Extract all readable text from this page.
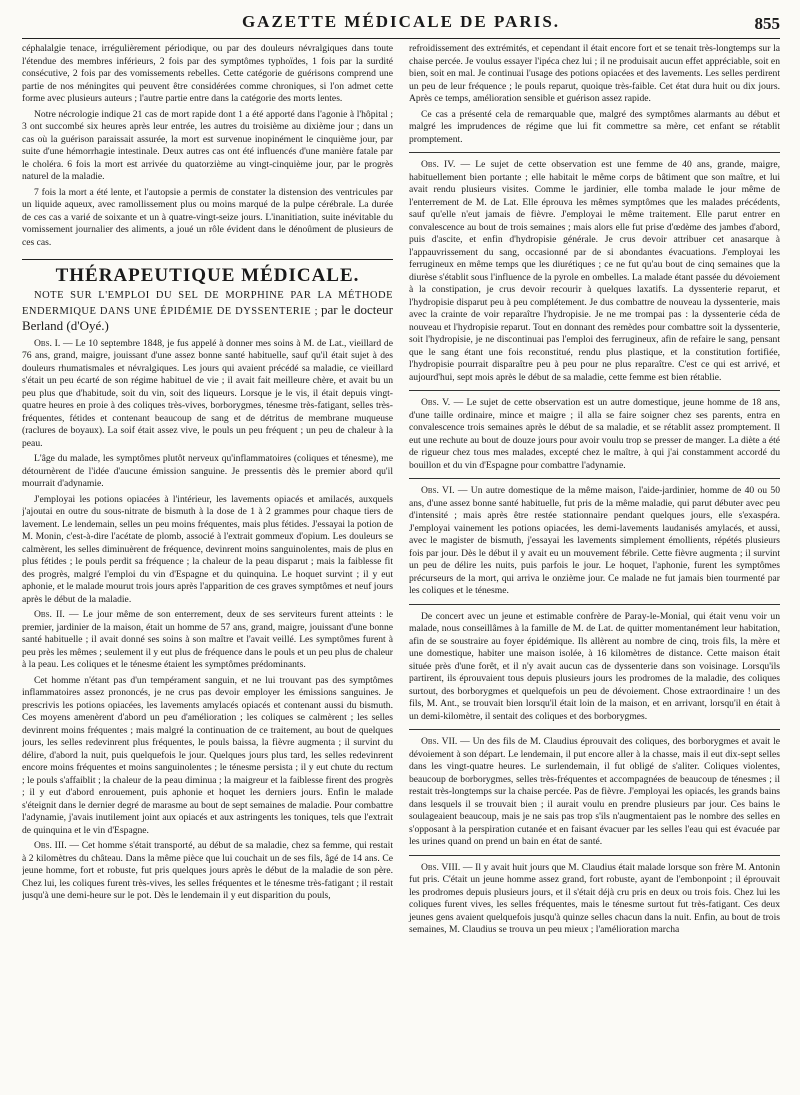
GAZETTE MÉDICALE DE PARIS.	855

céphalalgie tenace, irrégulièrement périodique, ou par des douleurs névralgiques dans toute l'étendue des membres inférieurs, 2 fois par des symptômes typhoïdes, 1 fois par la surdité consécutive, 2 fois par des vomissements rebelles. Cette catégorie de guérisons comprend une partie de nos méningites qui peuvent être considérées comme chroniques, si l'on admet cette forme avec plusieurs auteurs ; l'autre partie entre dans la catégorie des morts lentes.

Notre nécrologie indique 21 cas de mort rapide dont 1 a été apporté dans l'agonie à l'hôpital ; 3 ont succombé six heures après leur entrée, les autres du troisième au dixième jour ; dans un cas où la guérison paraissait assurée, la mort est survenue inopinément le cinquième jour, par suite d'une hémorrhagie intestinale. Deux autres cas ont été influencés d'une manière fatale par le choléra. 6 fois la mort est arrivée du quatorzième au vingt-cinquième jour, par le progrès naturel de la maladie.

7 fois la mort a été lente, et l'autopsie a permis de constater la distension des ventricules par un liquide aqueux, avec ramollissement plus ou moins marqué de la pulpe cérébrale. La durée de ces cas a varié de soixante et un à quatre-vingt-seize jours. L'inanitiation, suite inévitable du vomissement journalier des aliments, a joué un rôle évident dans le dénoûment de plusieurs de ces cas.

THÉRAPEUTIQUE MÉDICALE.

NOTE SUR L'EMPLOI DU SEL DE MORPHINE PAR LA MÉTHODE ENDERMIQUE DANS UNE ÉPIDÉMIE DE DYSSENTERIE ; par le docteur Berland (d'Oyé.)

Obs. I. — Le 10 septembre 1848, je fus appelé à donner mes soins à M. de Lat., vieillard de 76 ans, grand, maigre, jouissant d'une assez bonne santé habituelle, sauf qu'il était sujet à des douleurs rhumatismales et névralgiques. Les jours qui avaient précédé sa maladie, ce vieillard s'était un peu écarté de son régime habituel de vie ; il avait fait meilleure chère, et avait bu un peu plus que d'habitude, soit du vin, soit des liqueurs. Lorsque je le vis, il était depuis vingt-quatre heures en proie à des coliques très-vives, borborygmes, ténesme très-fatigant, selles très-fréquentes, fétides et contenant beaucoup de sang et de détritus de membrane muqueuse (raclures de boyaux). La soif était assez vive, le pouls un peu fréquent ; un peu de chaleur à la peau.

L'âge du malade, les symptômes plutôt nerveux qu'inflammatoires (coliques et ténesme), me détournèrent de l'idée d'aucune émission sanguine. Je pressentis dès le premier abord qu'il mourrait d'adynamie.

J'employai les potions opiacées à l'intérieur, les lavements opiacés et amilacés, auxquels j'ajoutai en outre du sous-nitrate de bismuth à la dose de 1 à 2 grammes pour chaque tiers de lavement. Le lendemain, selles un peu moins fréquentes, mais plus fétides. J'essayai la potion de M. Monin, c'est-à-dire l'acétate de plomb, associé à l'extrait gommeux d'opium. Les douleurs se calmèrent, les selles diminuèrent de fréquence, devinrent moins sanguinolentes, mais de plus en plus fétides ; le pouls perdit sa fréquence ; la chaleur de la peau disparut ; mais la faiblesse fit des progrès, malgré l'emploi du vin d'Espagne et du quinquina. Le hoquet survint ; il y eut aphonie, et le malade mourut trois jours après l'apparition de ces graves symptômes et neuf jours après le début de la maladie.

Obs. II. — Le jour même de son enterrement, deux de ses serviteurs furent atteints : le premier, jardinier de la maison, était un homme de 57 ans, grand, maigre, jouissant d'une bonne santé habituelle ; il avait donné ses soins à son maître et l'avait veillé. Les symptômes furent à peu près les mêmes ; seulement il y eut plus de fréquence dans le pouls et un peu plus de chaleur à la peau. Les coliques et le ténesme étaient les symptômes prédominants.

Cet homme n'étant pas d'un tempérament sanguin, et ne lui trouvant pas des symptômes inflammatoires assez prononcés, je ne crus pas devoir employer les émissions sanguines. Je prescrivis les potions opiacées, les lavements amylacés opiacés et contenant aussi du bismuth. Ces moyens amenèrent d'abord un peu d'amélioration ; les coliques se calmèrent ; les selles devinrent moins fréquentes ; mais malgré la continuation de ce traitement, au bout de quelques jours, les selles redevinrent plus fréquentes, le pouls baissa, la fièvre augmenta ; il survint du délire, d'abord la nuit, puis quelquefois le jour. Quelques jours plus tard, les selles redevinrent encore moins fréquentes et moins sanguinolentes ; le ténesme persista ; il y eut chute du rectum ; le pouls s'affaiblit ; la chaleur de la peau diminua ; la maigreur et la faiblesse firent des progrès ; il y eut d'abord enrouement, puis aphonie et hoquet les derniers jours. Enfin le malade s'éteignit dans le dernier degré de marasme au bout de sept semaines de maladie. Pour combattre l'adynamie, j'avais inutilement joint aux opiacés et aux astringents les toniques, tels que l'extrait de quinquina et le vin d'Espagne.

Obs. III. — Cet homme s'était transporté, au début de sa maladie, chez sa femme, qui restait à 2 kilomètres du château. Dans la même pièce que lui couchait un de ses fils, âgé de 14 ans. Ce jeune homme, fort et robuste, fut pris quelques jours après le début de la maladie de son père. Chez lui, les coliques furent très-vives, les selles fréquentes et le ténesme très-fatigant ; il restait jusqu'à une demi-heure sur le pot. Dès le lendemain il y eut disparition du pouls,

refroidissement des extrémités, et cependant il était encore fort et se tenait très-longtemps sur la chaise percée. Je voulus essayer l'ipéca chez lui ; il ne produisait aucun effet appréciable, soit en bien, soit en mal. Je continuai l'usage des potions opiacées et des lavements. Les selles perdirent un peu de leur fréquence ; le pouls reparut, quoique très-faible. Cet état dura huit ou dix jours. Après ce temps, amélioration sensible et guérison assez rapide.

Ce cas a présenté cela de remarquable que, malgré des symptômes alarmants au début et malgré les imprudences de régime que lui fit commettre sa mère, cet enfant se rétablit promptement.

Obs. IV. — Le sujet de cette observation est une femme de 40 ans, grande, maigre, habituellement bien portante ; elle habitait le même corps de bâtiment que son maître, et lui avait rendu plusieurs visites. Comme le jardinier, elle tomba malade le jour même de l'enterrement de M. de Lat. Elle éprouva les mêmes symptômes que les malades précédents, sauf qu'elle n'eut jamais de fièvre. J'employai le même traitement. Elle parut entrer en convalescence au bout de trois semaines ; mais alors elle fut prise d'œdème des jambes d'abord, puis d'ascite, et enfin d'hydropisie générale. Je crus devoir attribuer cet anasarque à l'appauvrissement du sang, occasionné par de si abondantes évacuations. J'employai les ferrugineux en même temps que les diurétiques ; ce ne fut qu'au bout de cinq semaines que la diurèse s'établit sous l'influence de la pyrole en ombelles. La malade étant passée du dévoiement à la constipation, je crus devoir recourir à quelques laxatifs. La dyssenterie reparut, et l'hydropisie disparut peu à peu complétement. Je dus combattre de nouveau la dyssenterie, mais avec la crainte de voir reparaître l'hydropisie. Je ne me trompai pas : la dyssenterie céda de nouveau et l'hydropisie reparut. Tout en donnant des remèdes pour combattre soit la dyssenterie, soit l'hydropisie, je ne discontinuai pas l'emploi des ferrugineux, afin de refaire le sang, pensant que le sang étant une fois reconstitué, rendu plus plastique, et la constitution fortifiée, l'hydropisie pourrait disparaître peu à peu pour ne plus reparaître. C'est ce qui est arrivé, et aujourd'hui, sept mois après le début de sa maladie, cette femme est bien rétablie.

Obs. V. — Le sujet de cette observation est un autre domestique, jeune homme de 18 ans, d'une taille ordinaire, mince et maigre ; il alla se faire soigner chez ses parents, entra en convalescence trois semaines après le début de sa maladie, et se rétablit assez promptement. Il eut une rechute au bout de douze jours pour avoir voulu trop se presser de manger. La diète a été de rigueur chez tous mes malades, excepté chez le maître, à qui j'ai constamment accordé du bouillon et du vin d'Espagne pour combattre l'adynamie.

Obs. VI. — Un autre domestique de la même maison, l'aide-jardinier, homme de 40 ou 50 ans, d'une assez bonne santé habituelle, fut pris de la même maladie, qui parut débuter avec peu d'intensité ; mais après être restée stationnaire pendant quelques jours, elle s'exaspéra. J'employai vainement les potions opiacées, les demi-lavements laudanisés amylacés, et aussi, avec le magister de bismuth, j'essayai les lavements simplement émollients, répétés plusieurs fois par jour. Dès le début il y avait eu un mouvement fébrile. Cette fièvre augmenta ; il survint un peu de délire les nuits, puis parfois le jour. Le hoquet, l'aphonie, furent les symptômes précurseurs de la mort, qui arriva le onzième jour. Ce malade ne fut jamais bien tourmenté par les coliques et le ténesme.

De concert avec un jeune et estimable confrère de Paray-le-Monial, qui était venu voir un malade, nous conseillâmes à la famille de M. de Lat. de quitter momentanément leur habitation, afin de se soustraire au foyer épidémique. Ils allèrent au nombre de cinq, trois fils, la mère et une domestique, habiter une maison isolée, à 16 kilomètres de distance. Cette maison était située près d'une forêt, et il n'y avait aucun cas de dyssenterie dans son voisinage. Lorsqu'ils partirent, ils éprouvaient tous depuis plusieurs jours les prodromes de la maladie, des coliques surtout, des borborygmes et quelquefois un peu de dévoiement. Chose extraordinaire ! un des fils, M. Ant., se trouvait bien lorsqu'il était loin de la maison, et en arrivant, lorsqu'il en était à un demi-kilomètre, il sentait des coliques et des borborygmes.

Obs. VII. — Un des fils de M. Claudius éprouvait des coliques, des borborygmes et avait le dévoiement à son départ. Le lendemain, il put encore aller à la chasse, mais il eut dix-sept selles dans les vingt-quatre heures. Le surlendemain, il fut obligé de s'aliter. Coliques violentes, beaucoup de borborygmes, selles très-fréquentes et accompagnées de beaucoup de ténesmes ; il restait très-longtemps sur la chaise percée. Pas de fièvre. J'employai les opiacés, les grands bains dans lesquels il se trouvait bien ; il aurait voulu en prendre plusieurs par jour. Ces bains le soulageaient beaucoup, mais je ne sais pas trop s'ils n'augmentaient pas le nombre des selles en s'opposant à la perspiration cutanée et en faisant évacuer par les selles l'eau qui est évacuée par les urines quand on prend un bain en état de santé.

Obs. VIII. — Il y avait huit jours que M. Claudius était malade lorsque son frère M. Antonin fut pris. C'était un jeune homme assez grand, fort robuste, ayant de l'embonpoint ; il éprouvait les prodromes depuis plusieurs jours, et il s'était déjà cru pris en deux ou trois fois. Chez lui les coliques furent vives, les selles fréquentes, mais le ténesme surtout fut très-fatigant. Ces deux jeunes gens avaient quelquefois jusqu'à quinze selles chacun dans la nuit. Enfin, au bout de trois semaines, M. Claudius se trouva un peu mieux ; l'amélioration marcha
